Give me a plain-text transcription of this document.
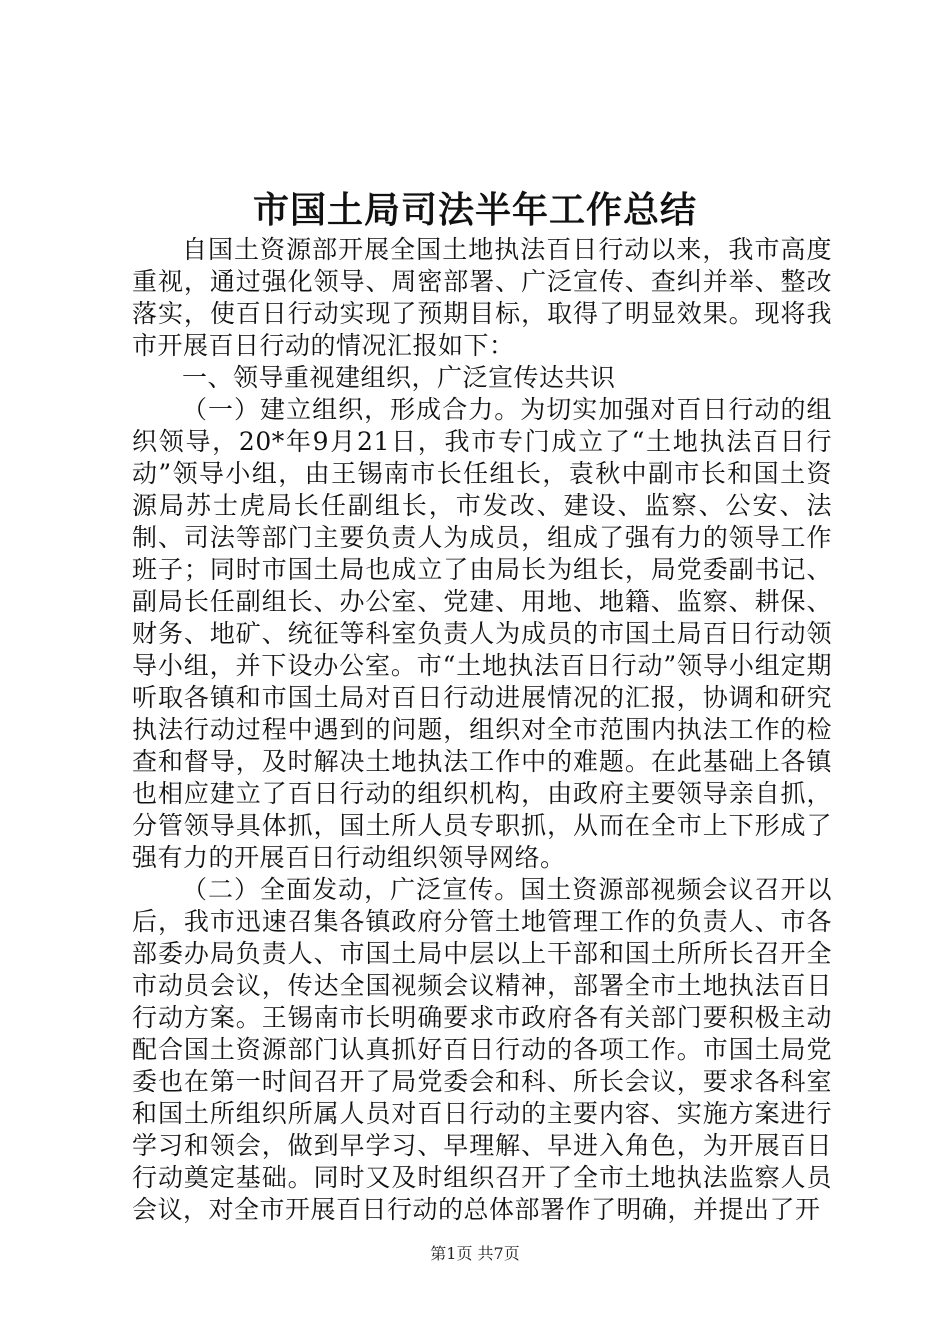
市国土局司法半年工作总结

自国土资源部开展全国土地执法百日行动以来，我市高度重视，通过强化领导、周密部署、广泛宣传、查纠并举、整改落实，使百日行动实现了预期目标，取得了明显效果。现将我市开展百日行动的情况汇报如下：

一、领导重视建组织，广泛宣传达共识

（一）建立组织，形成合力。为切实加强对百日行动的组织领导，20*年9月21日，我市专门成立了“土地执法百日行动”领导小组，由王锡南市长任组长，袁秋中副市长和国土资源局苏士虎局长任副组长，市发改、建设、监察、公安、法制、司法等部门主要负责人为成员，组成了强有力的领导工作班子；同时市国土局也成立了由局长为组长，局党委副书记、副局长任副组长、办公室、党建、用地、地籍、监察、耕保、财务、地矿、统征等科室负责人为成员的市国土局百日行动领导小组，并下设办公室。市“土地执法百日行动”领导小组定期听取各镇和市国土局对百日行动进展情况的汇报，协调和研究执法行动过程中遇到的问题，组织对全市范围内执法工作的检查和督导，及时解决土地执法工作中的难题。在此基础上各镇也相应建立了百日行动的组织机构，由政府主要领导亲自抓，分管领导具体抓，国土所人员专职抓，从而在全市上下形成了强有力的开展百日行动组织领导网络。

（二）全面发动，广泛宣传。国土资源部视频会议召开以后，我市迅速召集各镇政府分管土地管理工作的负责人、市各部委办局负责人、市国土局中层以上干部和国土所所长召开全市动员会议，传达全国视频会议精神，部署全市土地执法百日行动方案。王锡南市长明确要求市政府各有关部门要积极主动配合国土资源部门认真抓好百日行动的各项工作。市国土局党委也在第一时间召开了局党委会和科、所长会议，要求各科室和国土所组织所属人员对百日行动的主要内容、实施方案进行学习和领会，做到早学习、早理解、早进入角色，为开展百日行动奠定基础。同时又及时组织召开了全市土地执法监察人员会议，对全市开展百日行动的总体部署作了明确，并提出了开

第1页 共7页
